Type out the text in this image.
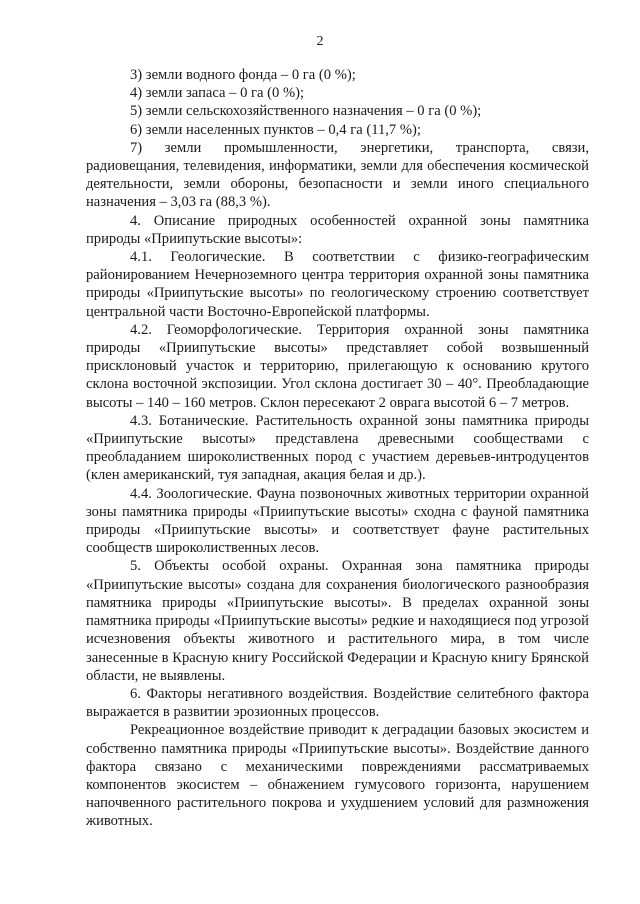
2

3) земли водного фонда – 0 га (0 %);

4) земли запаса – 0 га (0 %);

5) земли сельскохозяйственного назначения – 0 га (0 %);

6) земли населенных пунктов – 0,4 га (11,7 %);

7) земли промышленности, энергетики, транспорта, связи, радиовещания, телевидения, информатики, земли для обеспечения космической деятельности, земли обороны, безопасности и земли иного специального назначения – 3,03 га (88,3 %).

4. Описание природных особенностей охранной зоны памятника природы «Приипутьские высоты»:

4.1. Геологические. В соответствии с физико-географическим районированием Нечерноземного центра территория охранной зоны памятника природы «Приипутьские высоты» по геологическому строению соответствует центральной части Восточно-Европейской платформы.

4.2. Геоморфологические. Территория охранной зоны памятника природы «Приипутьские высоты» представляет собой возвышенный присклоновый участок и территорию, прилегающую к основанию крутого склона восточной экспозиции. Угол склона достигает 30 – 40°. Преобладающие высоты – 140 – 160 метров. Склон пересекают 2 оврага высотой 6 – 7 метров.

4.3. Ботанические. Растительность охранной зоны памятника природы «Приипутьские высоты» представлена древесными сообществами с преобладанием широколиственных пород с участием деревьев-интродуцентов (клен американский, туя западная, акация белая и др.).

4.4. Зоологические. Фауна позвоночных животных территории охранной зоны памятника природы «Приипутьские высоты» сходна с фауной памятника природы «Приипутьские высоты» и соответствует фауне растительных сообществ широколиственных лесов.

5. Объекты особой охраны. Охранная зона памятника природы «Приипутьские высоты» создана для сохранения биологического разнообразия памятника природы «Приипутьские высоты». В пределах охранной зоны памятника природы «Приипутьские высоты» редкие и находящиеся под угрозой исчезновения объекты животного и растительного мира, в том числе занесенные в Красную книгу Российской Федерации и Красную книгу Брянской области, не выявлены.

6. Факторы негативного воздействия. Воздействие селитебного фактора выражается в развитии эрозионных процессов.

Рекреационное воздействие приводит к деградации базовых экосистем и собственно памятника природы «Приипутьские высоты». Воздействие данного фактора связано с механическими повреждениями рассматриваемых компонентов экосистем – обнажением гумусового горизонта, нарушением напочвенного растительного покрова и ухудшением условий для размножения животных.
